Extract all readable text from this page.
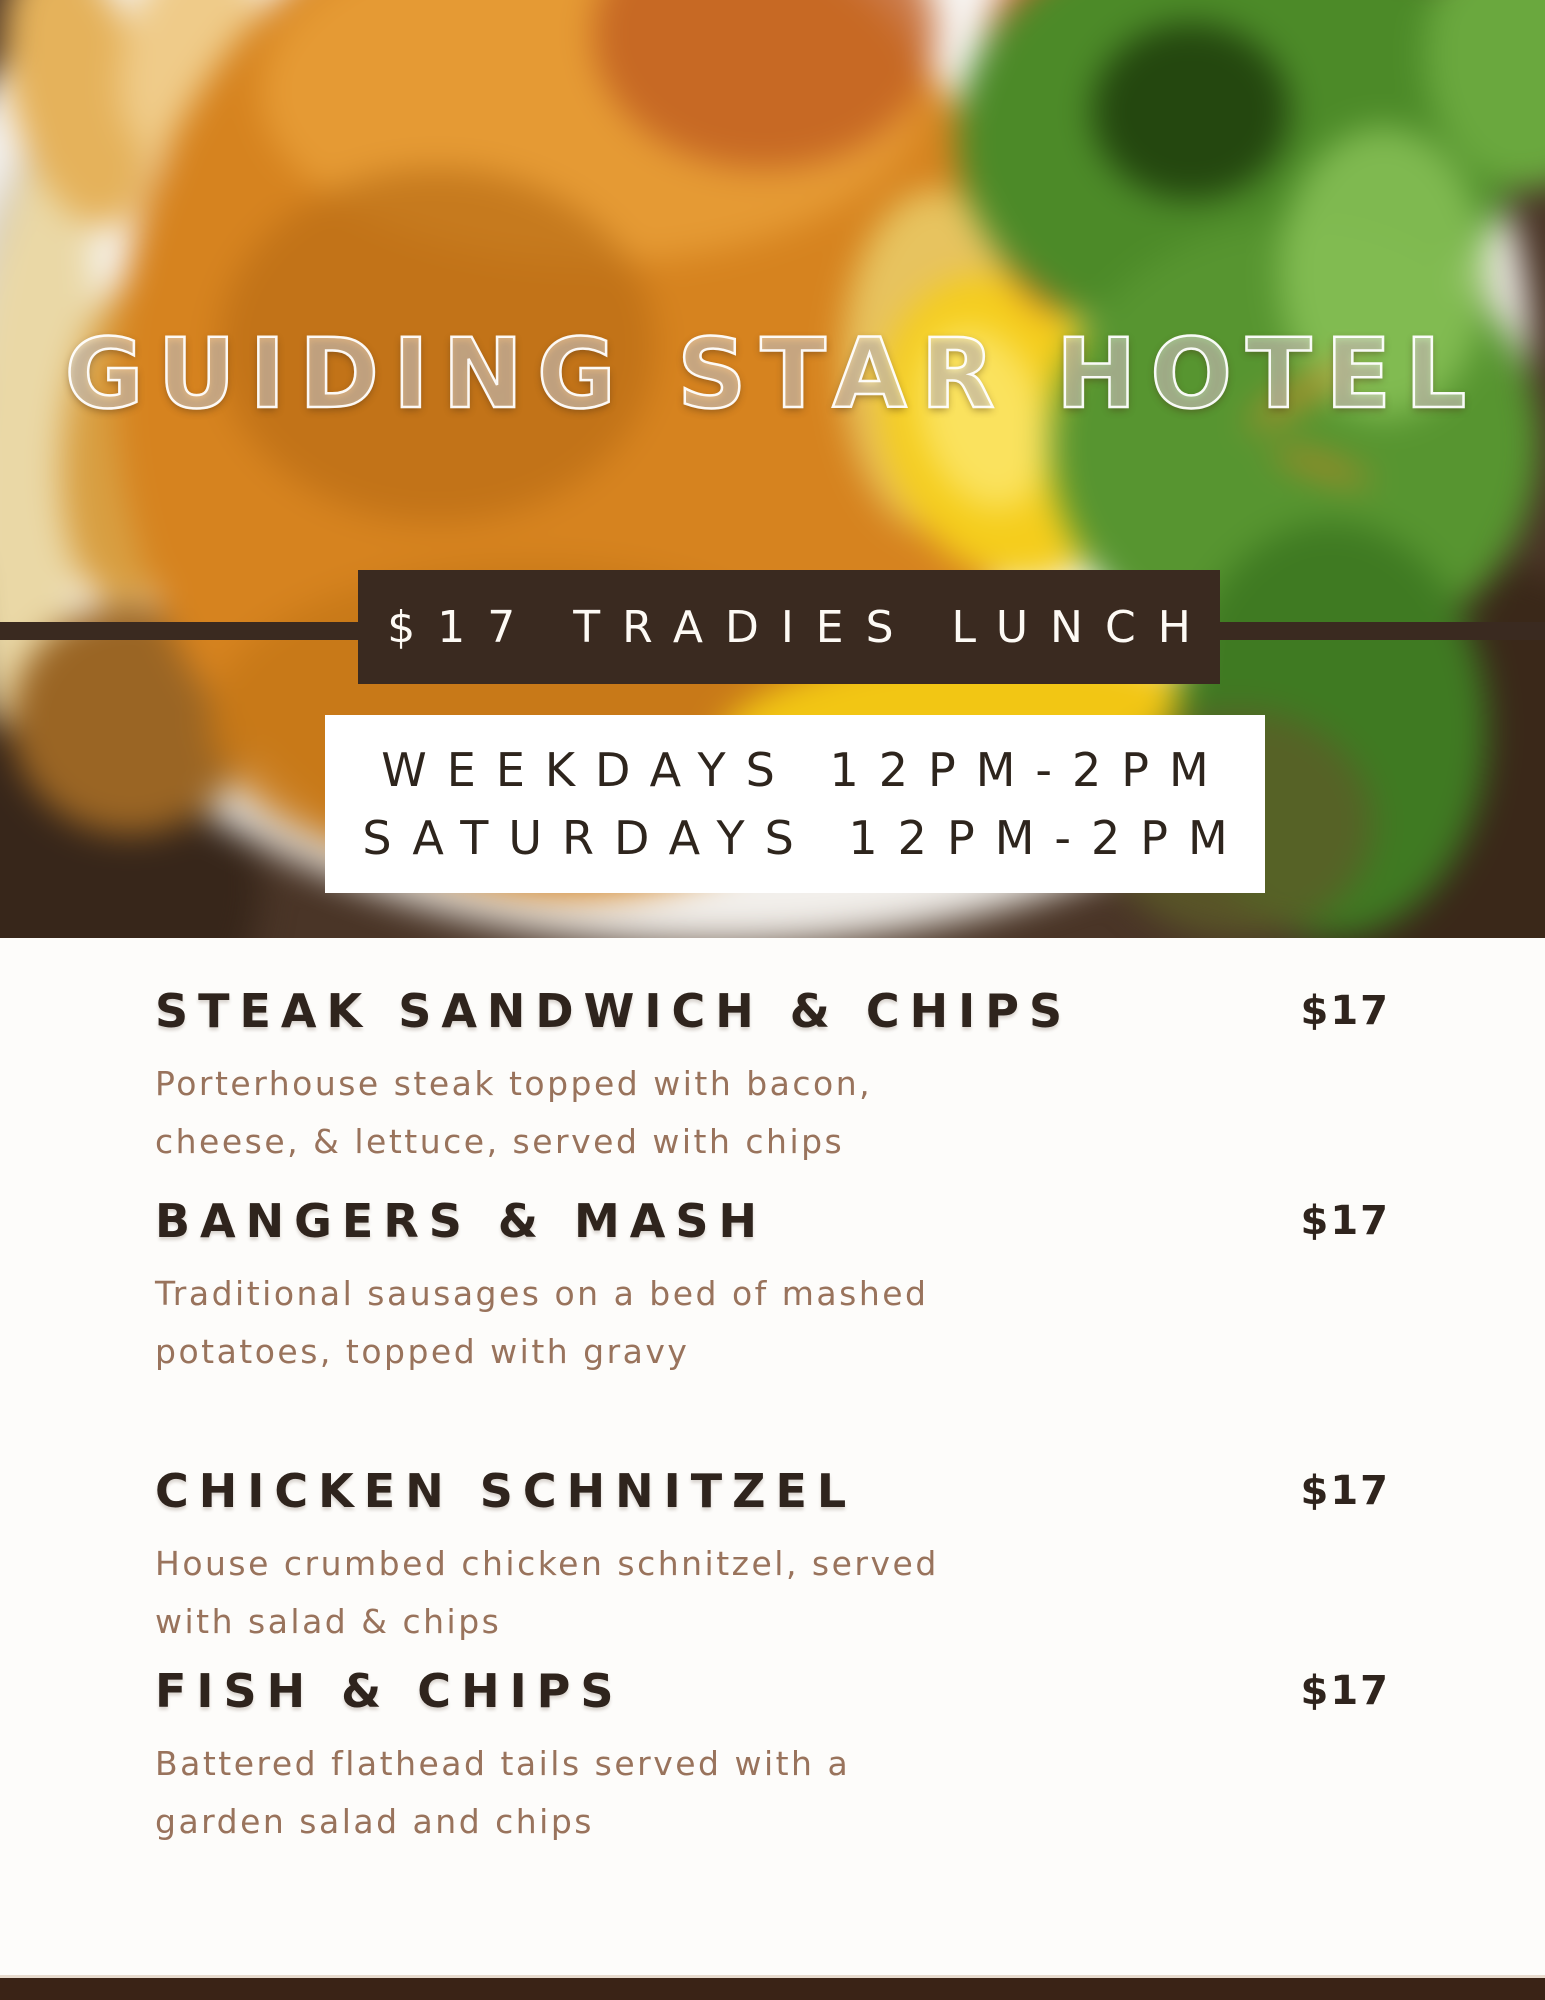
GUIDING STAR HOTEL
$17 TRADIES LUNCH
WEEKDAYS 12PM-2PM
SATURDAYS 12PM-2PM
STEAK SANDWICH & CHIPS	$17

Porterhouse steak topped with bacon,

cheese, & lettuce, served with chips

BANGERS & MASH	$17

Traditional sausages on a bed of mashed

potatoes, topped with gravy

CHICKEN SCHNITZEL	$17

House crumbed chicken schnitzel, served

with salad & chips

FISH & CHIPS	$17

Battered flathead tails served with a

garden salad and chips
